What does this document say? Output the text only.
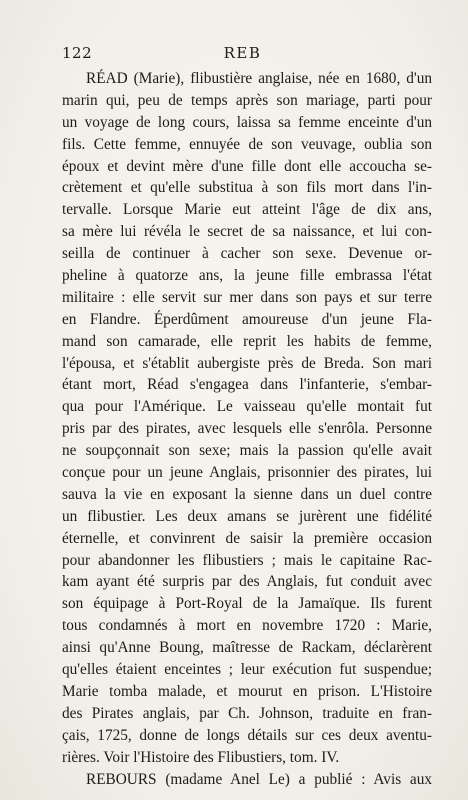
122	REB

RÉAD (Marie), flibustière anglaise, née en 1680, d'un
marin qui, peu de temps après son mariage, parti pour
un voyage de long cours, laissa sa femme enceinte d'un
fils. Cette femme, ennuyée de son veuvage, oublia son
époux et devint mère d'une fille dont elle accoucha se-
crètement et qu'elle substitua à son fils mort dans l'in-
tervalle. Lorsque Marie eut atteint l'âge de dix ans,
sa mère lui révéla le secret de sa naissance, et lui con-
seilla de continuer à cacher son sexe. Devenue or-
pheline à quatorze ans, la jeune fille embrassa l'état
militaire : elle servit sur mer dans son pays et sur terre
en Flandre. Éperdûment amoureuse d'un jeune Fla-
mand son camarade, elle reprit les habits de femme,
l'épousa, et s'établit aubergiste près de Breda. Son mari
étant mort, Réad s'engagea dans l'infanterie, s'embar-
qua pour l'Amérique. Le vaisseau qu'elle montait fut
pris par des pirates, avec lesquels elle s'enrôla. Personne
ne soupçonnait son sexe; mais la passion qu'elle avait
conçue pour un jeune Anglais, prisonnier des pirates, lui
sauva la vie en exposant la sienne dans un duel contre
un flibustier. Les deux amans se jurèrent une fidélité
éternelle, et convinrent de saisir la première occasion
pour abandonner les flibustiers ; mais le capitaine Rac-
kam ayant été surpris par des Anglais, fut conduit avec
son équipage à Port-Royal de la Jamaïque. Ils furent
tous condamnés à mort en novembre 1720 : Marie,
ainsi qu'Anne Boung, maîtresse de Rackam, déclarèrent
qu'elles étaient enceintes ; leur exécution fut suspendue;
Marie tomba malade, et mourut en prison. L'Histoire
des Pirates anglais, par Ch. Johnson, traduite en fran-
çais, 1725, donne de longs détails sur ces deux aventu-
rières. Voir l'Histoire des Flibustiers, tom. IV.

REBOURS (madame Anel Le) a publié : Avis aux
